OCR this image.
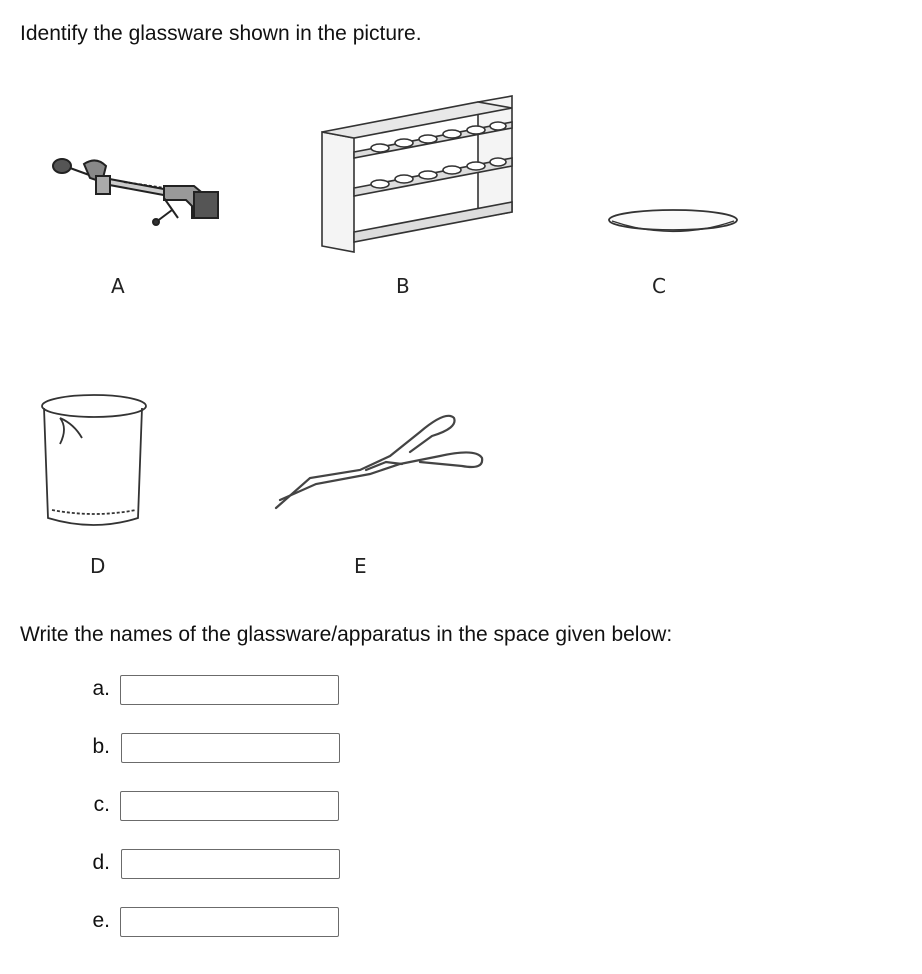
Identify the glassware shown in the picture.
A	B	C
D	E
Write the names of the glassware/apparatus in the space given below:
a.
b.
c.
d.
e.
